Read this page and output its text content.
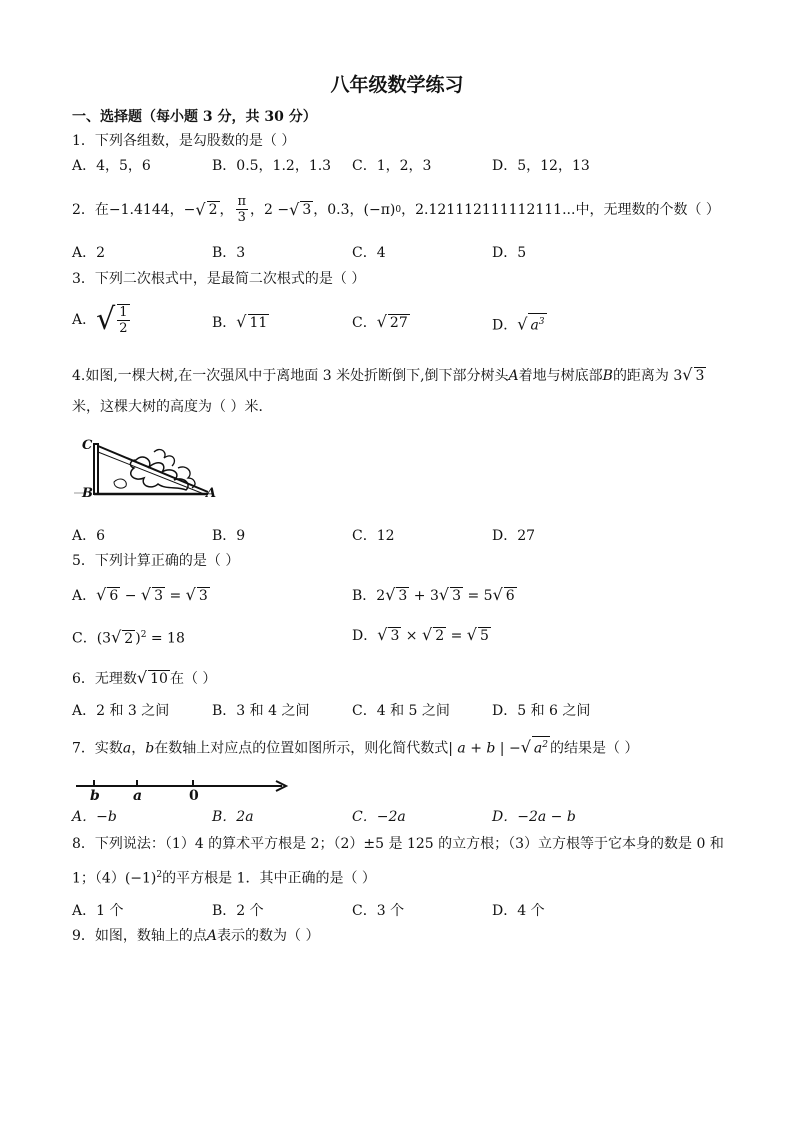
八年级数学练习
一、选择题（每小题 3 分，共 30 分）
1．下列各组数，是勾股数的是（ ）
A．4，5，6	B．0.5，1.2，1.3 C．1，2，3	D．5，12，13
2．在 −1.4144， − √ 2 ， $\frac{\pi}{3}$ ， 2 − √ 3 ， 0.3̇， (−π) 0 ，2.121112111112111...中，无理数的个数（ ）
A．2	B．3	C．4	D．5
3．下列二次根式中，是最简二次根式的是（ ）
A． √ $\frac{1}{2}$	B．√ 11	C．√ 27	D．√ $a^3$
4.如图,一棵大树,在一次强风中于离地面 3 米处折断倒下,倒下部分树头A着地与树底部B的距离为 3√ 3
米，这棵大树的高度为（ ）米．
C
B	A
A．6	B．9	C．12	D．27
5．下列计算正确的是（ ）
A．√ 6 − √ 3 = √ 3	B．2√ 3 + 3√ 3 = 5√ 6
C．(3√ 2 )$^2$ = 18	D．√ 3 × √ 2 = √ 5
6．无理数√ 10 在（ ）
A．2 和 3 之间	B．3 和 4 之间	C．4 和 5 之间	D．5 和 6 之间
7．实数a，b在数轴上对应点的位置如图所示，则化简代数式| a + b | −√ $a^2$ 的结果是（ ）
b a	0
A．−b	B．2a	C．−2a	D．−2a − b
8．下列说法：（1）4 的算术平方根是 2；（2）±5 是 125 的立方根；（3）立方根等于它本身的数是 0 和
1；$(4)(-1)^2$的平方根是 1．其中正确的是（ ）
A．1 个	B．2 个	C．3 个	D．4 个
9．如图，数轴上的点A表示的数为（ ）
